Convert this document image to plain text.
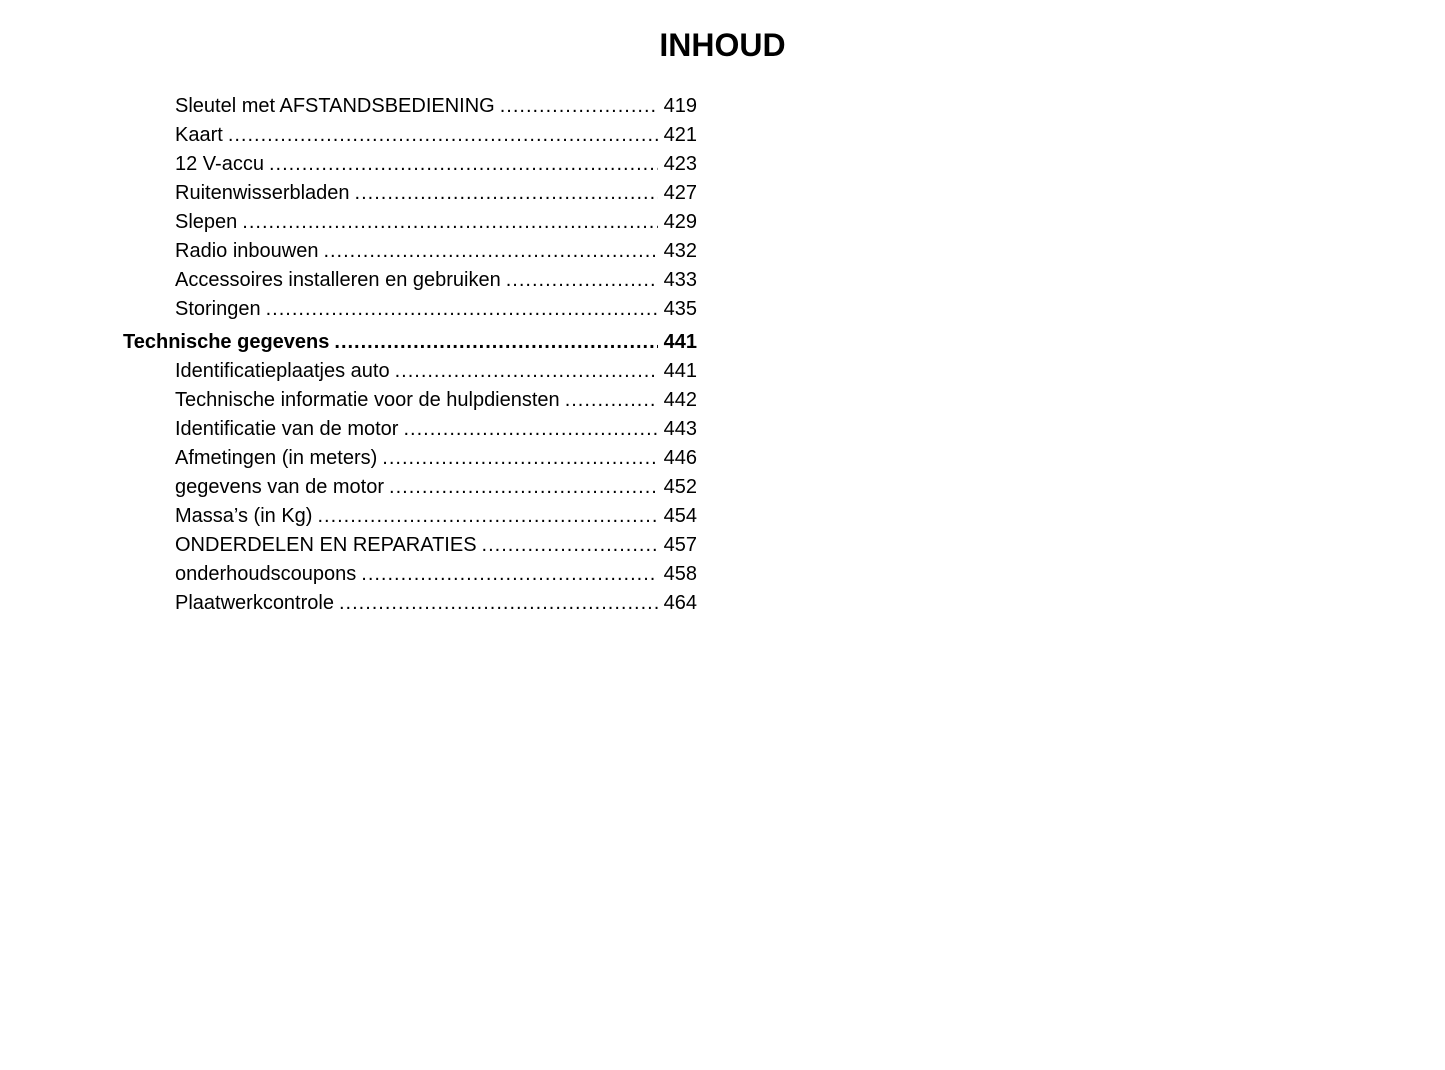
INHOUD
Sleutel met AFSTANDSBEDIENING .....	419
Kaart .....	421
12 V-accu .....	423
Ruitenwisserbladen .....	427
Slepen .....	429
Radio inbouwen .....	432
Accessoires installeren en gebruiken .....	433
Storingen .....	435
Technische gegevens .....	441
Identificatieplaatjes auto .....	441
Technische informatie voor de hulpdiensten .....	442
Identificatie van de motor .....	443
Afmetingen (in meters) .....	446
gegevens van de motor .....	452
Massa’s (in Kg) .....	454
ONDERDELEN EN REPARATIES .....	457
onderhoudscoupons .....	458
Plaatwerkcontrole .....	464
